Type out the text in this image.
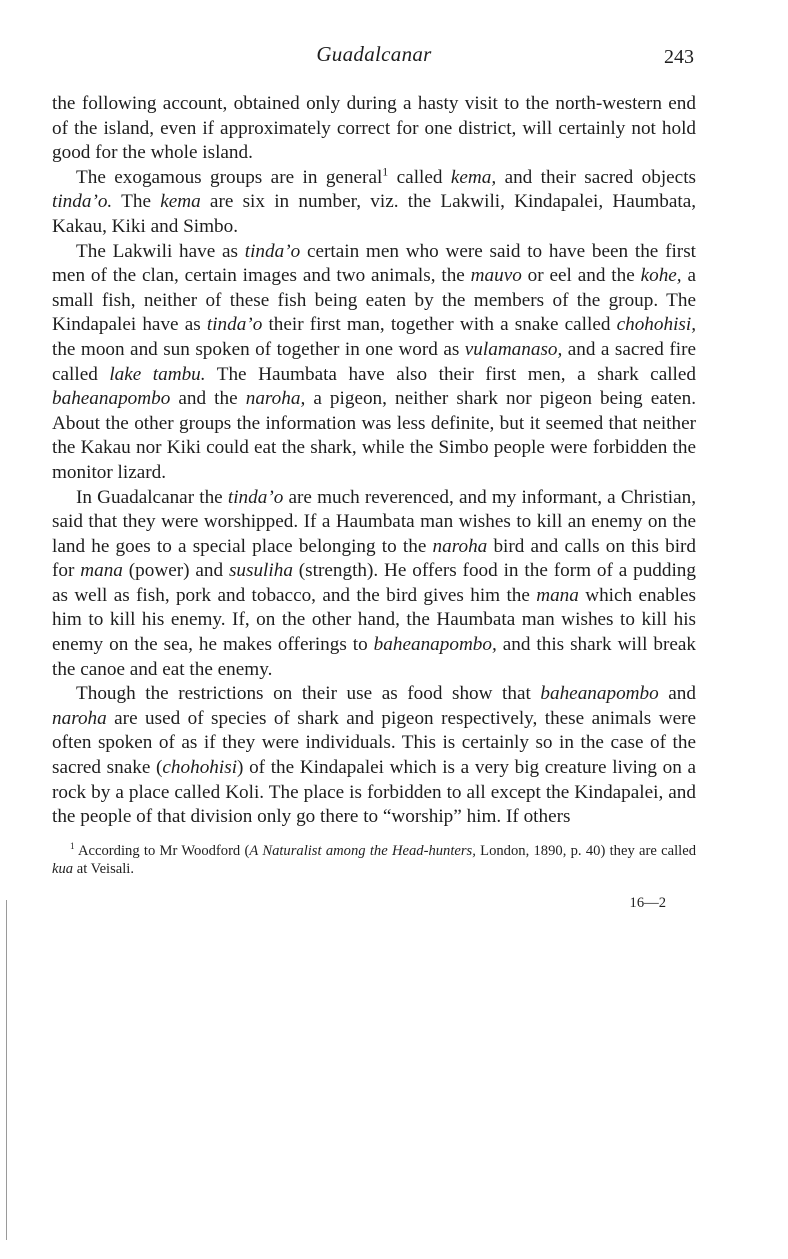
Guadalcanar	243

the following account, obtained only during a hasty visit to the north-western end of the island, even if approximately correct for one district, will certainly not hold good for the whole island.

The exogamous groups are in general$^1$ called kema, and their sacred objects tinda’o. The kema are six in number, viz. the Lakwili, Kindapalei, Haumbata, Kakau, Kiki and Simbo.

The Lakwili have as tinda’o certain men who were said to have been the first men of the clan, certain images and two animals, the mauvo or eel and the kohe, a small fish, neither of these fish being eaten by the members of the group. The Kindapalei have as tinda’o their first man, together with a snake called chohohisi, the moon and sun spoken of together in one word as vulamanaso, and a sacred fire called lake tambu. The Haumbata have also their first men, a shark called baheanapombo and the naroha, a pigeon, neither shark nor pigeon being eaten. About the other groups the information was less definite, but it seemed that neither the Kakau nor Kiki could eat the shark, while the Simbo people were forbidden the monitor lizard.

In Guadalcanar the tinda’o are much reverenced, and my informant, a Christian, said that they were worshipped. If a Haumbata man wishes to kill an enemy on the land he goes to a special place belonging to the naroha bird and calls on this bird for mana (power) and susuliha (strength). He offers food in the form of a pudding as well as fish, pork and tobacco, and the bird gives him the mana which enables him to kill his enemy. If, on the other hand, the Haumbata man wishes to kill his enemy on the sea, he makes offerings to baheanapombo, and this shark will break the canoe and eat the enemy.

Though the restrictions on their use as food show that baheanapombo and naroha are used of species of shark and pigeon respectively, these animals were often spoken of as if they were individuals. This is certainly so in the case of the sacred snake (chohohisi) of the Kindapalei which is a very big creature living on a rock by a place called Koli. The place is forbidden to all except the Kindapalei, and the people of that division only go there to “worship” him. If others

$^1$ According to Mr Woodford (A Naturalist among the Head-hunters, London, 1890, p. 40) they are called kua at Veisali.

16—2
